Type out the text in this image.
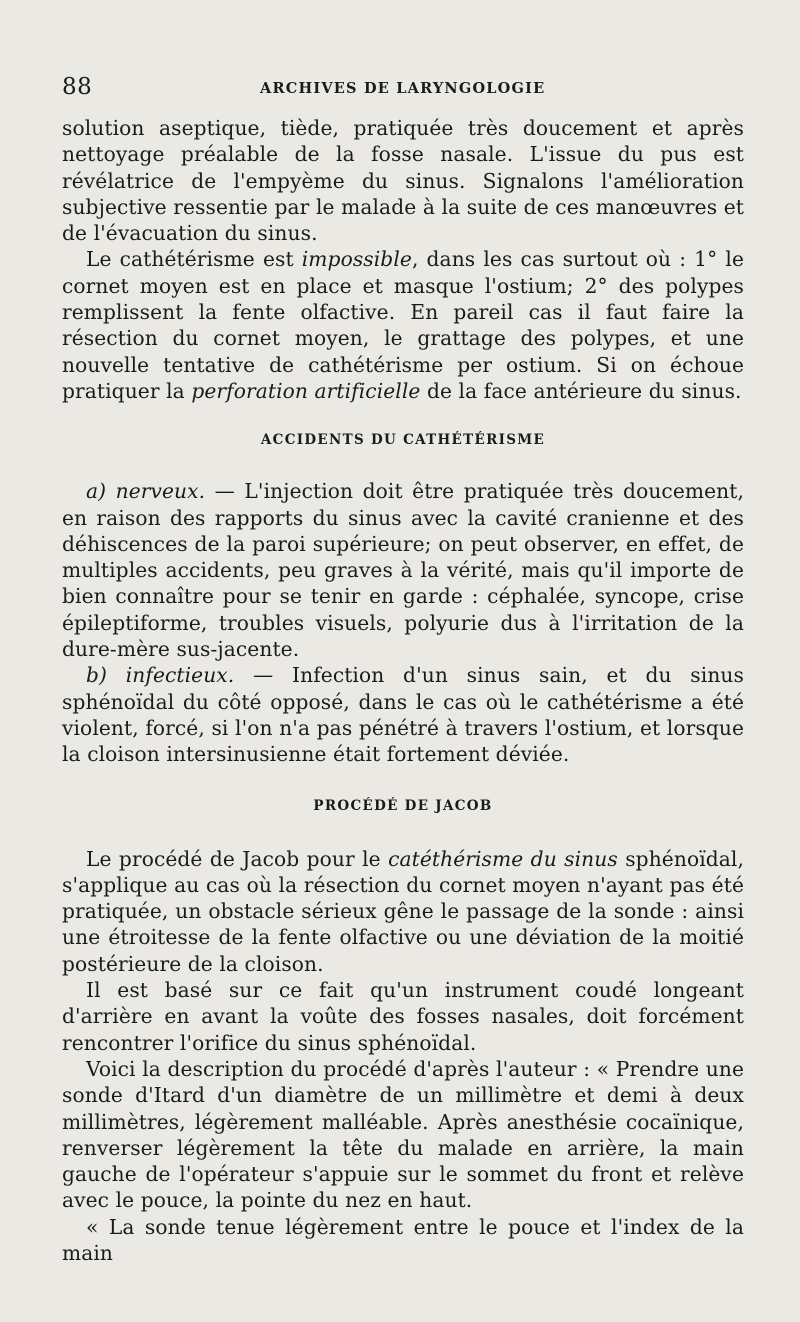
88	ARCHIVES DE LARYNGOLOGIE

solution aseptique, tiède, pratiquée très doucement et après nettoyage préalable de la fosse nasale. L'issue du pus est révélatrice de l'empyème du sinus. Signalons l'amélioration subjective ressentie par le malade à la suite de ces manœuvres et de l'évacuation du sinus.

Le cathétérisme est impossible, dans les cas surtout où : 1° le cornet moyen est en place et masque l'ostium; 2° des polypes remplissent la fente olfactive. En pareil cas il faut faire la résection du cornet moyen, le grattage des polypes, et une nouvelle tentative de cathétérisme per ostium. Si on échoue pratiquer la perforation artificielle de la face antérieure du sinus.

ACCIDENTS DU CATHÉTÉRISME

a) nerveux. — L'injection doit être pratiquée très doucement, en raison des rapports du sinus avec la cavité cranienne et des déhiscences de la paroi supérieure; on peut observer, en effet, de multiples accidents, peu graves à la vérité, mais qu'il importe de bien connaître pour se tenir en garde : céphalée, syncope, crise épileptiforme, troubles visuels, polyurie dus à l'irritation de la dure-mère sus-jacente.

b) infectieux. — Infection d'un sinus sain, et du sinus sphénoïdal du côté opposé, dans le cas où le cathétérisme a été violent, forcé, si l'on n'a pas pénétré à travers l'ostium, et lorsque la cloison intersinusienne était fortement déviée.

PROCÉDÉ DE JACOB

Le procédé de Jacob pour le catéthérisme du sinus sphénoïdal, s'applique au cas où la résection du cornet moyen n'ayant pas été pratiquée, un obstacle sérieux gêne le passage de la sonde : ainsi une étroitesse de la fente olfactive ou une déviation de la moitié postérieure de la cloison.

Il est basé sur ce fait qu'un instrument coudé longeant d'arrière en avant la voûte des fosses nasales, doit forcément rencontrer l'orifice du sinus sphénoïdal.

Voici la description du procédé d'après l'auteur : « Prendre une sonde d'Itard d'un diamètre de un millimètre et demi à deux millimètres, légèrement malléable. Après anesthésie cocaïnique, renverser légèrement la tête du malade en arrière, la main gauche de l'opérateur s'appuie sur le sommet du front et relève avec le pouce, la pointe du nez en haut.

« La sonde tenue légèrement entre le pouce et l'index de la main
